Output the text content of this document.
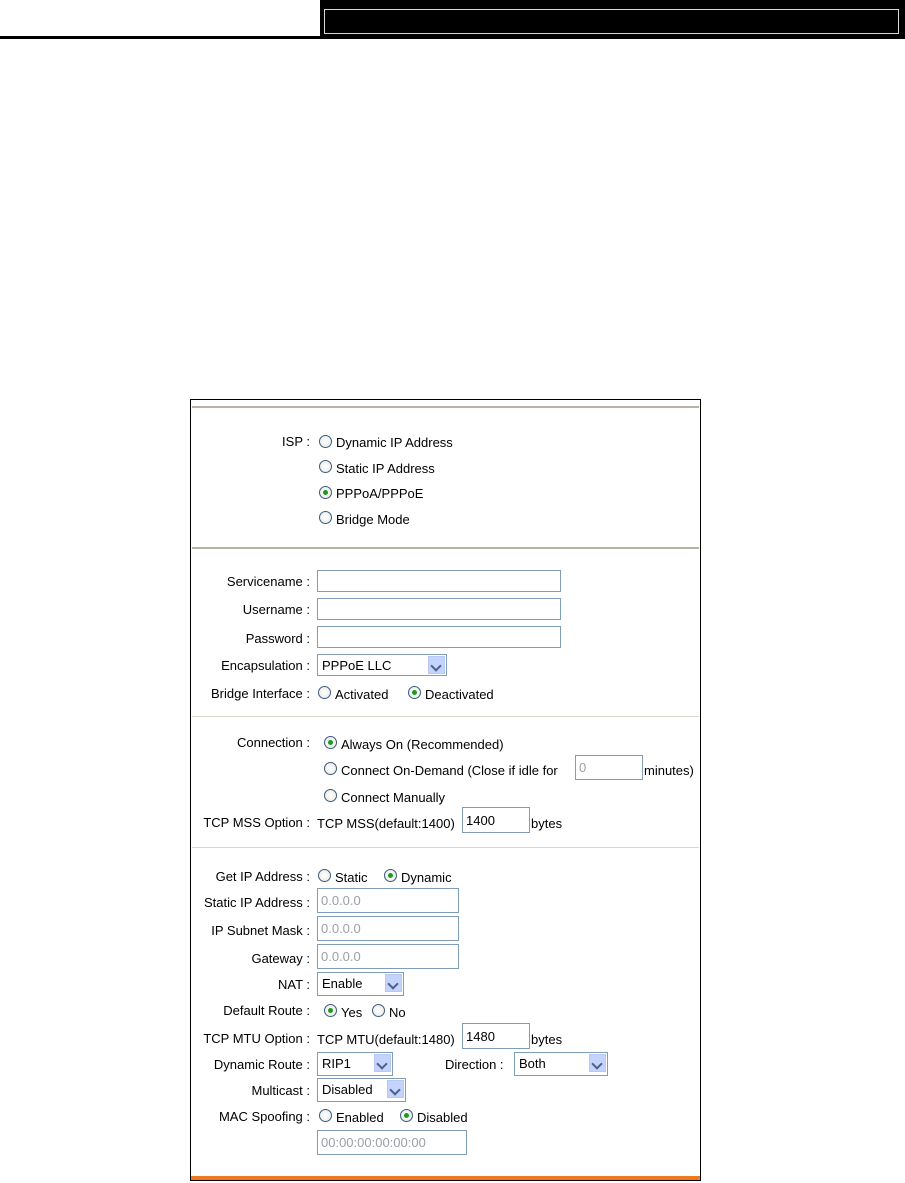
ISP : Dynamic IP Address
Static IP Address
PPPoA/PPPoE
Bridge Mode
Servicename :
Username :
Password :
Encapsulation : PPPoE LLC
Bridge Interface : Activated	Deactivated
Connection : Always On (Recommended)
Connect On-Demand (Close if idle for
0	minutes)
Connect Manually
TCP MSS Option : TCP MSS(default:1400)
1400	bytes
Get IP Address : Static	Dynamic
Static IP Address :
0.0.0.0
IP Subnet Mask :
0.0.0.0
Gateway :
0.0.0.0
NAT : Enable
Default Route : Yes No
TCP MTU Option : TCP MTU(default:1480)
1480	bytes
Dynamic Route : RIP1	Direction : Both
Multicast : Disabled
MAC Spoofing : Enabled	Disabled
00:00:00:00:00:00
